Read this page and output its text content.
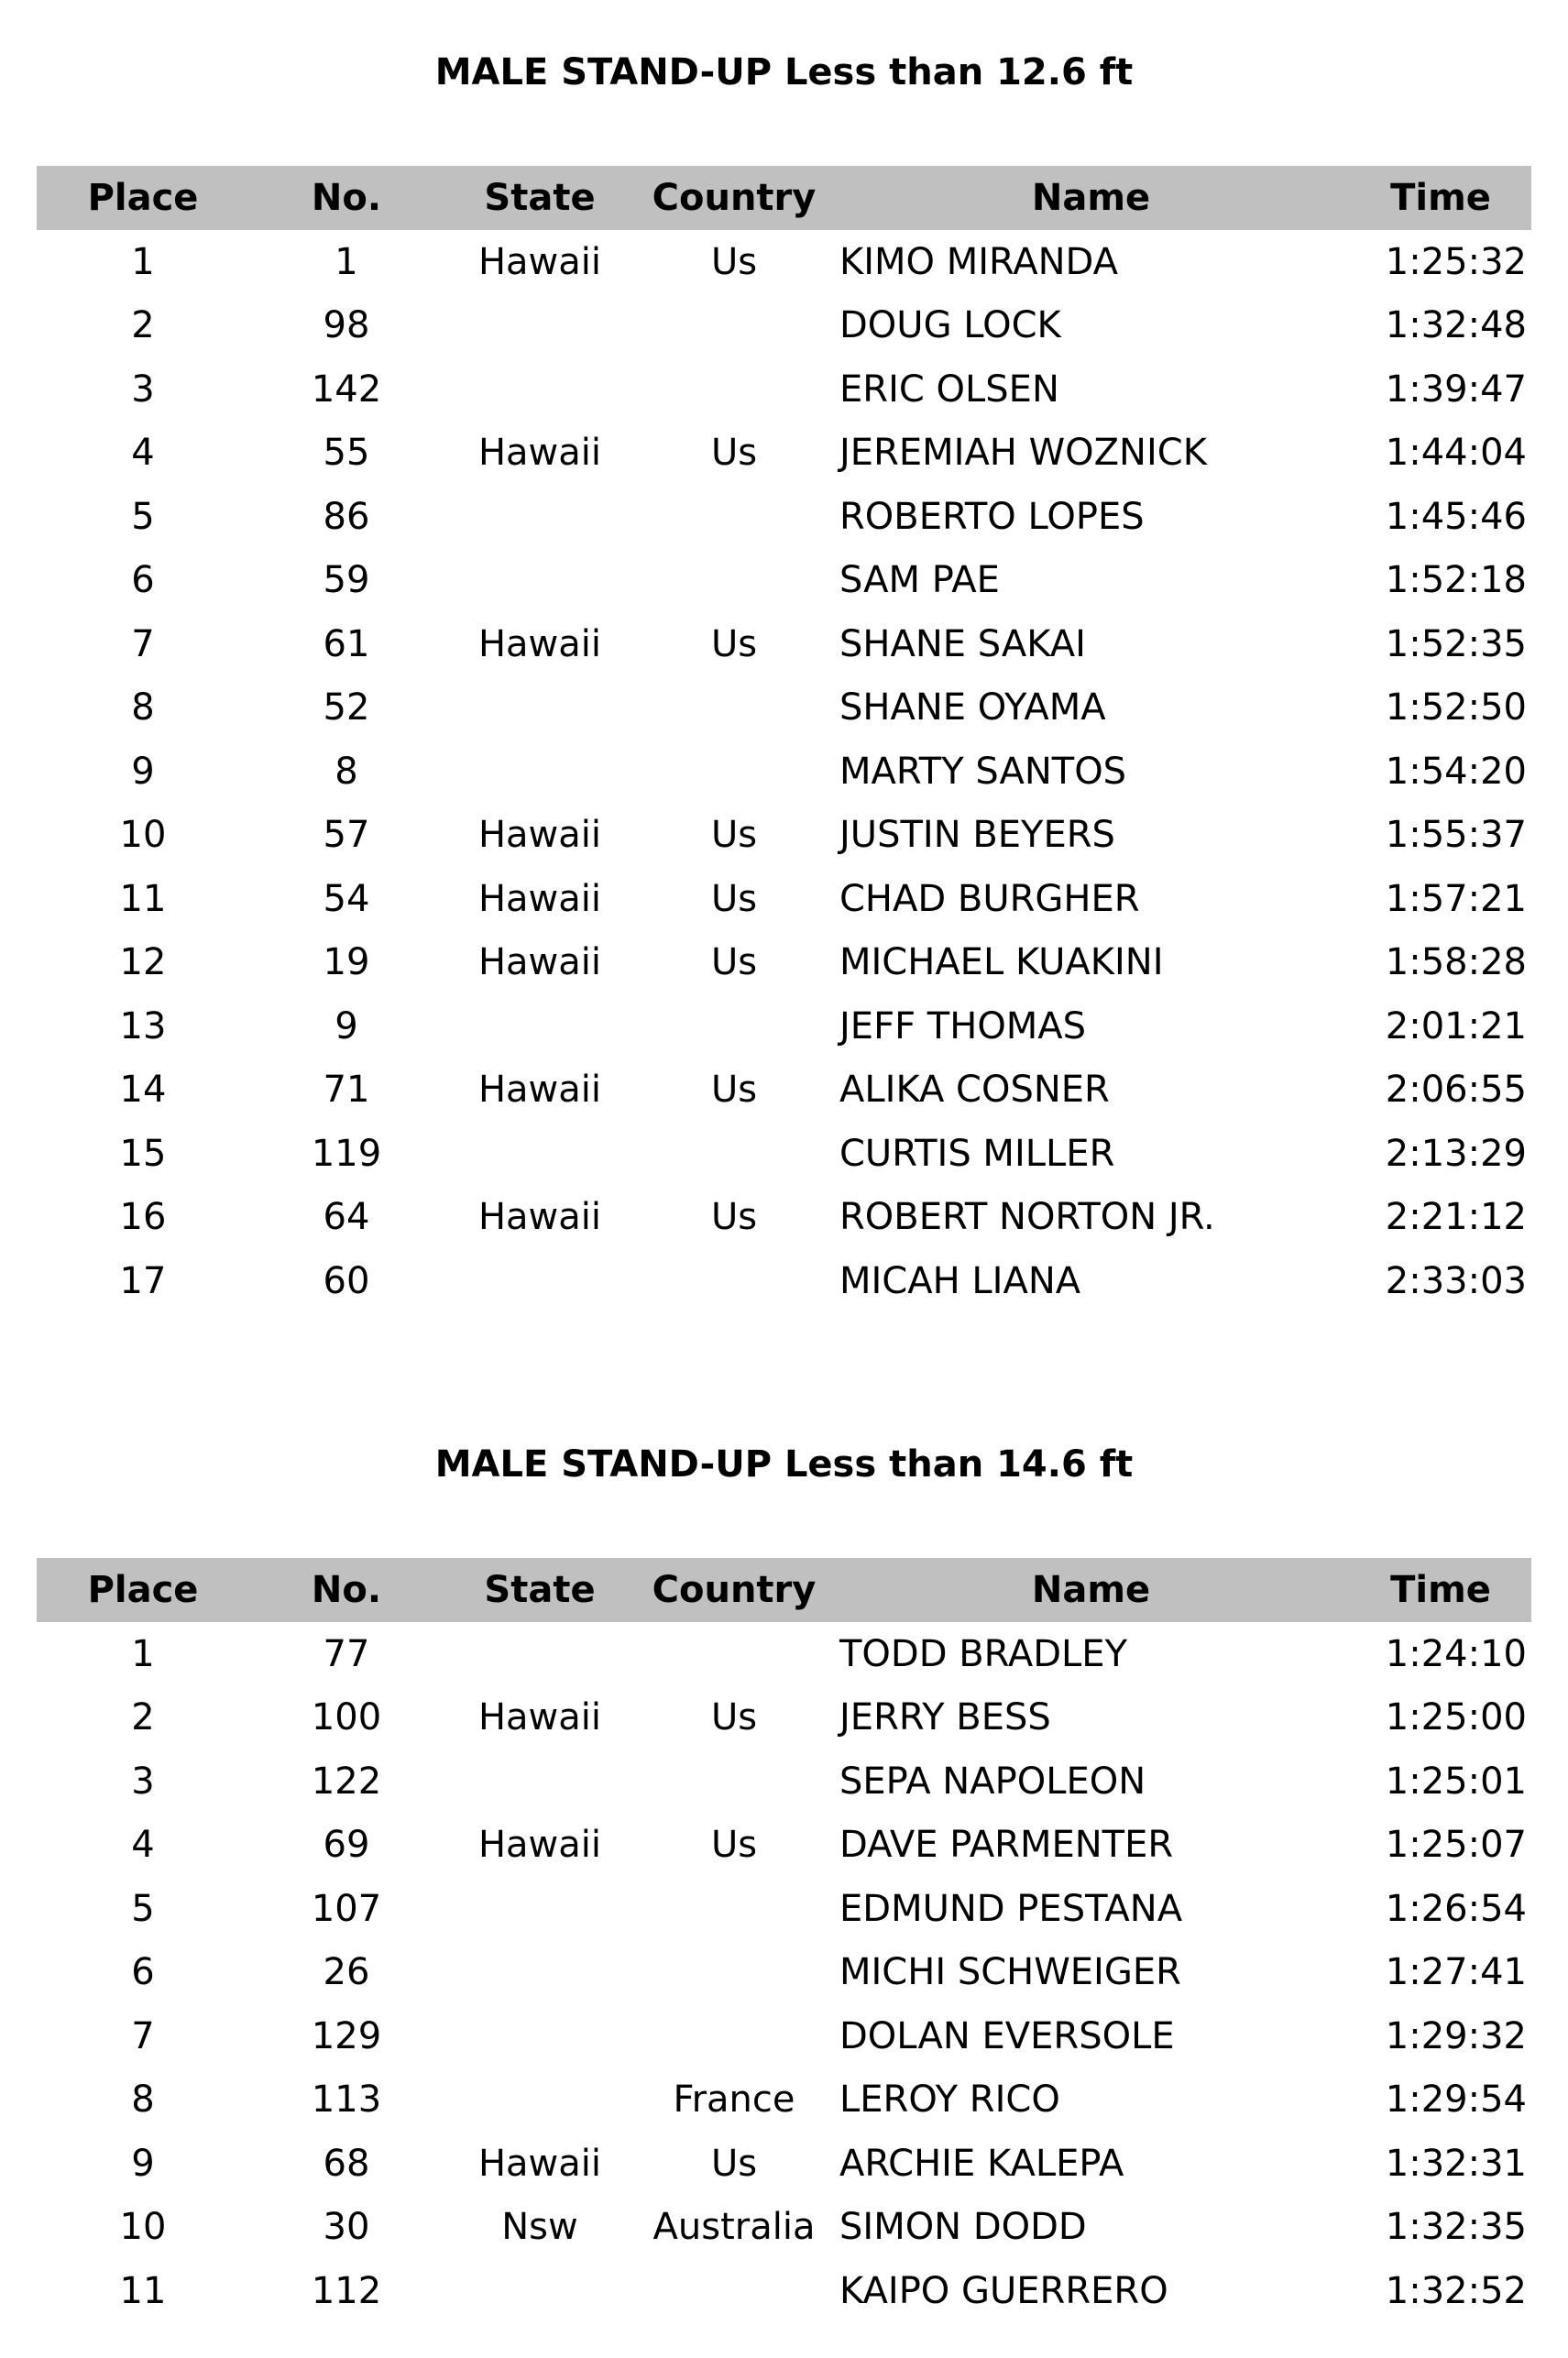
MALE STAND-UP Less than 12.6 ft
Place	No.	State	Country	Name	Time
1	1	Hawaii	Us	KIMO MIRANDA	1:25:32
2	98			DOUG LOCK	1:32:48
3	142			ERIC OLSEN	1:39:47
4	55	Hawaii	Us	JEREMIAH WOZNICK	1:44:04
5	86			ROBERTO LOPES	1:45:46
6	59			SAM PAE	1:52:18
7	61	Hawaii	Us	SHANE SAKAI	1:52:35
8	52			SHANE OYAMA	1:52:50
9	8			MARTY SANTOS	1:54:20
10	57	Hawaii	Us	JUSTIN BEYERS	1:55:37
11	54	Hawaii	Us	CHAD BURGHER	1:57:21
12	19	Hawaii	Us	MICHAEL KUAKINI	1:58:28
13	9			JEFF THOMAS	2:01:21
14	71	Hawaii	Us	ALIKA COSNER	2:06:55
15	119			CURTIS MILLER	2:13:29
16	64	Hawaii	Us	ROBERT NORTON JR.	2:21:12
17	60			MICAH LIANA	2:33:03
MALE STAND-UP Less than 14.6 ft
Place	No.	State	Country	Name	Time
1	77			TODD BRADLEY	1:24:10
2	100	Hawaii	Us	JERRY BESS	1:25:00
3	122			SEPA NAPOLEON	1:25:01
4	69	Hawaii	Us	DAVE PARMENTER	1:25:07
5	107			EDMUND PESTANA	1:26:54
6	26			MICHI SCHWEIGER	1:27:41
7	129			DOLAN EVERSOLE	1:29:32
8	113		France	LEROY RICO	1:29:54
9	68	Hawaii	Us	ARCHIE KALEPA	1:32:31
10	30	Nsw	Australia	SIMON DODD	1:32:35
11	112			KAIPO GUERRERO	1:32:52
